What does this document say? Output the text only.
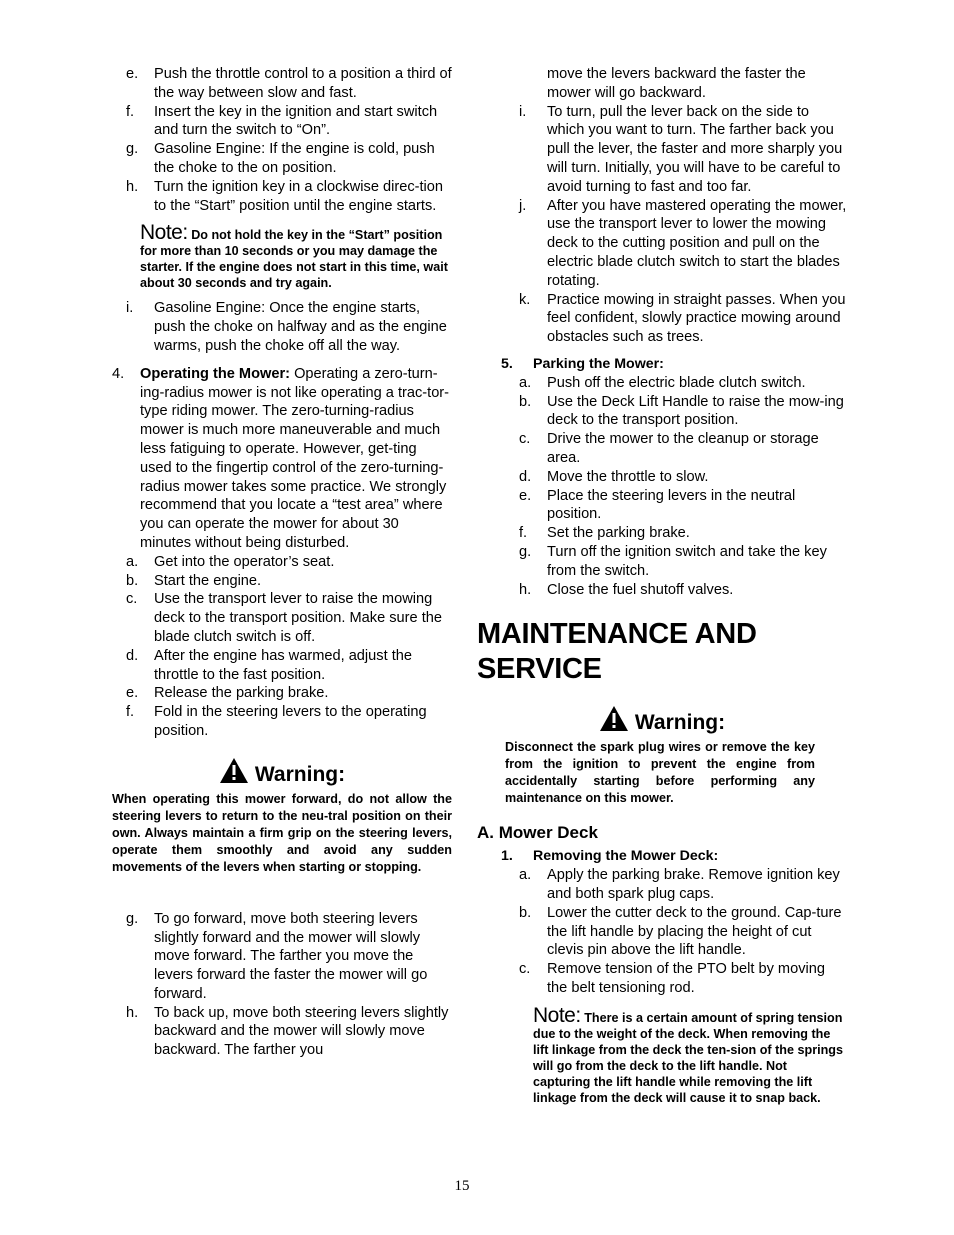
e. Push the throttle control to a position a third of the way between slow and fast.
f. Insert the key in the ignition and start switch and turn the switch to “On”.
g. Gasoline Engine: If the engine is cold, push the choke to the on position.
h. Turn the ignition key in a clockwise direc-tion to the “Start” position until the engine starts.
Note: Do not hold the key in the “Start” position for more than 10 seconds or you may damage the starter. If the engine does not start in this time, wait about 30 seconds and try again.
i. Gasoline Engine: Once the engine starts, push the choke on halfway and as the engine warms, push the choke off all the way.
4. Operating the Mower: Operating a zero-turn-ing-radius mower is not like operating a trac-tor-type riding mower. The zero-turning-radius mower is much more maneuverable and much less fatiguing to operate. However, get-ting used to the fingertip control of the zero-turning-radius mower takes some practice. We strongly recommend that you locate a “test area” where you can operate the mower for about 30 minutes without being disturbed.
a. Get into the operator’s seat.
b. Start the engine.
c. Use the transport lever to raise the mowing deck to the transport position. Make sure the blade clutch switch is off.
d. After the engine has warmed, adjust the throttle to the fast position.
e. Release the parking brake.
f. Fold in the steering levers to the operating position.
Warning:
When operating this mower forward, do not allow the steering levers to return to the neu-tral position on their own. Always maintain a firm grip on the steering levers, operate them smoothly and avoid any sudden movements of the levers when starting or stopping.
g. To go forward, move both steering levers slightly forward and the mower will slowly move forward. The farther you move the levers forward the faster the mower will go forward.
h. To back up, move both steering levers slightly backward and the mower will slowly move backward. The farther you
move the levers backward the faster the mower will go backward.
i. To turn, pull the lever back on the side to which you want to turn. The farther back you pull the lever, the faster and more sharply you will turn. Initially, you will have to be careful to avoid turning to fast and too far.
j. After you have mastered operating the mower, use the transport lever to lower the mowing deck to the cutting position and pull on the electric blade clutch switch to start the blades rotating.
k. Practice mowing in straight passes. When you feel confident, slowly practice mowing around obstacles such as trees.
5. Parking the Mower:
a. Push off the electric blade clutch switch.
b. Use the Deck Lift Handle to raise the mow-ing deck to the transport position.
c. Drive the mower to the cleanup or storage area.
d. Move the throttle to slow.
e. Place the steering levers in the neutral position.
f. Set the parking brake.
g. Turn off the ignition switch and take the key from the switch.
h. Close the fuel shutoff valves.
MAINTENANCE AND SERVICE
Warning:
Disconnect the spark plug wires or remove the key from the ignition to prevent the engine from accidentally starting before performing any maintenance on this mower.
A. Mower Deck
1. Removing the Mower Deck:
a. Apply the parking brake. Remove ignition key and both spark plug caps.
b. Lower the cutter deck to the ground. Cap-ture the lift handle by placing the height of cut clevis pin above the lift handle.
c. Remove tension of the PTO belt by moving the belt tensioning rod.
Note: There is a certain amount of spring tension due to the weight of the deck. When removing the lift linkage from the deck the ten-sion of the springs will go from the deck to the lift handle. Not capturing the lift handle while removing the lift linkage from the deck will cause it to snap back.
15
